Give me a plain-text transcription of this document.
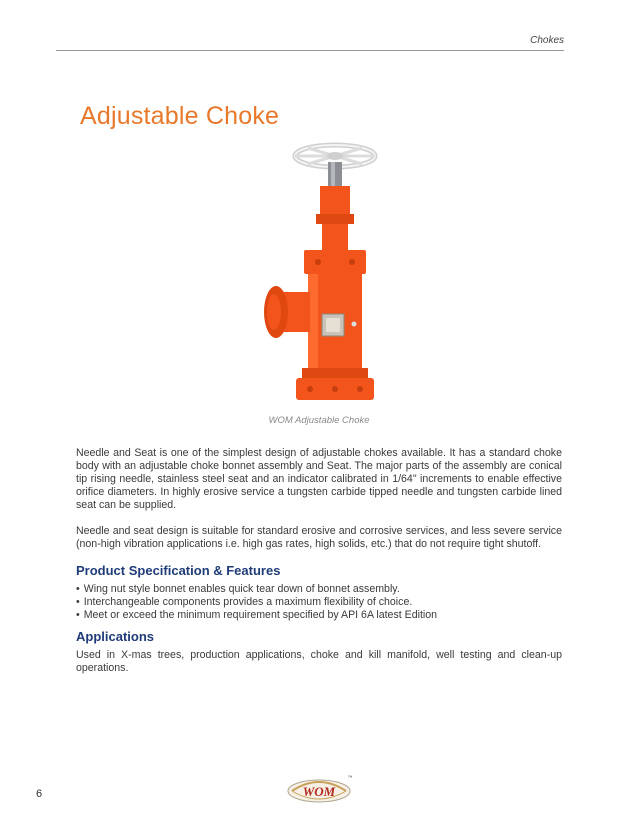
Chokes
Adjustable Choke
WOM Adjustable Choke

Needle and Seat is one of the simplest design of adjustable chokes available. It has a standard choke body with an adjustable choke bonnet assembly and Seat. The major parts of the assembly are conical tip rising needle, stainless steel seat and an indicator calibrated in 1/64" increments to enable effective orifice diameters. In highly erosive service a tungsten carbide tipped needle and tungsten carbide lined seat can be supplied.

Needle and seat design is suitable for standard erosive and corrosive services, and less severe service (non-high vibration applications i.e. high gas rates, high solids, etc.) that do not require tight shutoff.

Product Specification & Features
• Wing nut style bonnet enables quick tear down of bonnet assembly.
• Interchangeable components provides a maximum flexibility of choice.
• Meet or exceed the minimum requirement specified by API 6A latest Edition
Applications

Used in X-mas trees, production applications, choke and kill manifold, well testing and clean-up operations.

6	WOM
™
